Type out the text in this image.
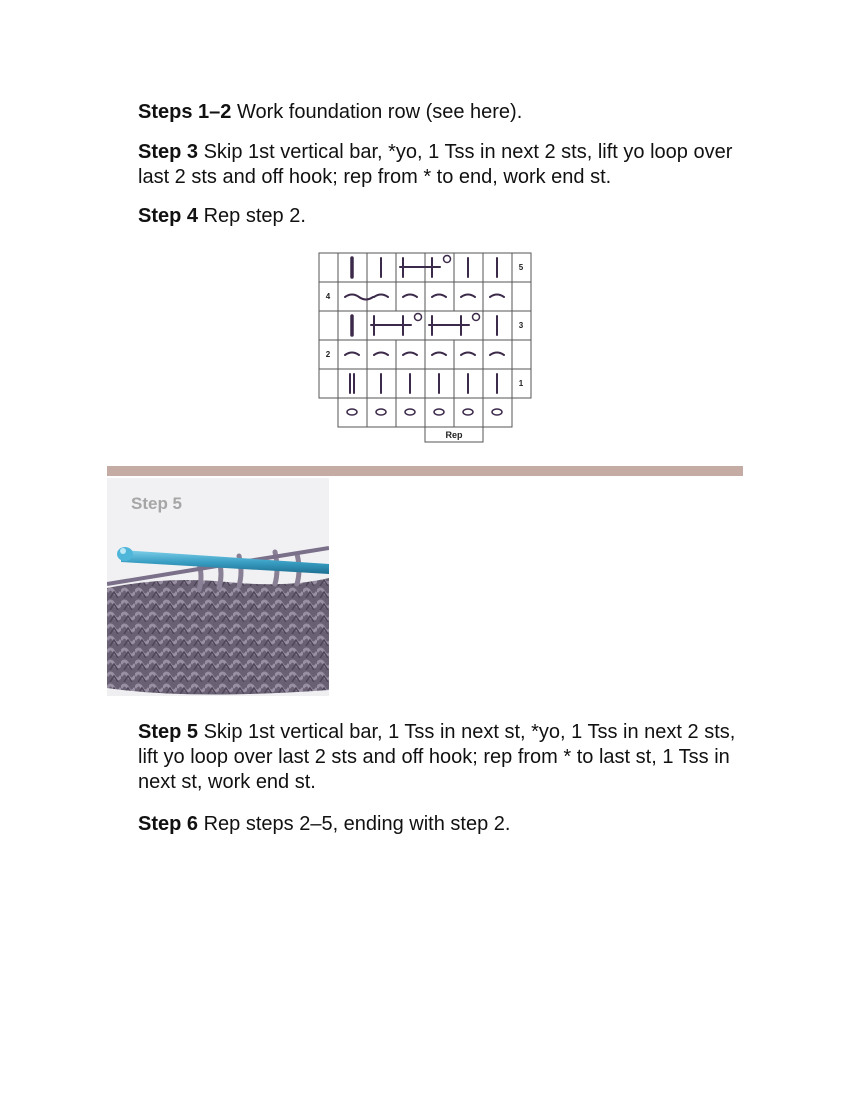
Steps 1–2 Work foundation row (see here).

Step 3 Skip 1st vertical bar, *yo, 1 Tss in next 2 sts, lift yo loop over last 2 sts and off hook; rep from * to end, work end st.

Step 4 Rep step 2.

5
4
3
2
1
Rep
Step 5

Step 5 Skip 1st vertical bar, 1 Tss in next st, *yo, 1 Tss in next 2 sts, lift yo loop over last 2 sts and off hook; rep from * to last st, 1 Tss in next st, work end st.

Step 6 Rep steps 2–5, ending with step 2.
